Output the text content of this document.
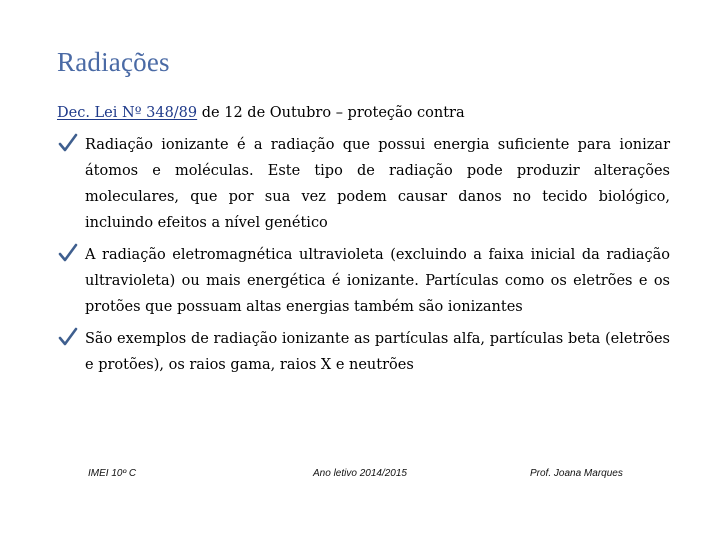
Radiações
Dec. Lei Nº 348/89 de 12 de Outubro – proteção contra
Radiação ionizante é a radiação que possui energia suficiente para ionizar átomos e moléculas. Este tipo de radiação pode produzir alterações moleculares, que por sua vez podem causar danos no tecido biológico, incluindo efeitos a nível genético
A radiação eletromagnética ultravioleta (excluindo a faixa inicial da radiação ultravioleta) ou mais energética é ionizante. Partículas como os eletrões e os protões que possuam altas energias também são ionizantes
São exemplos de radiação ionizante as partículas alfa, partículas beta (eletrões e protões), os raios gama, raios X e neutrões
IMEI 10º C	Ano letivo 2014/2015	Prof. Joana Marques
